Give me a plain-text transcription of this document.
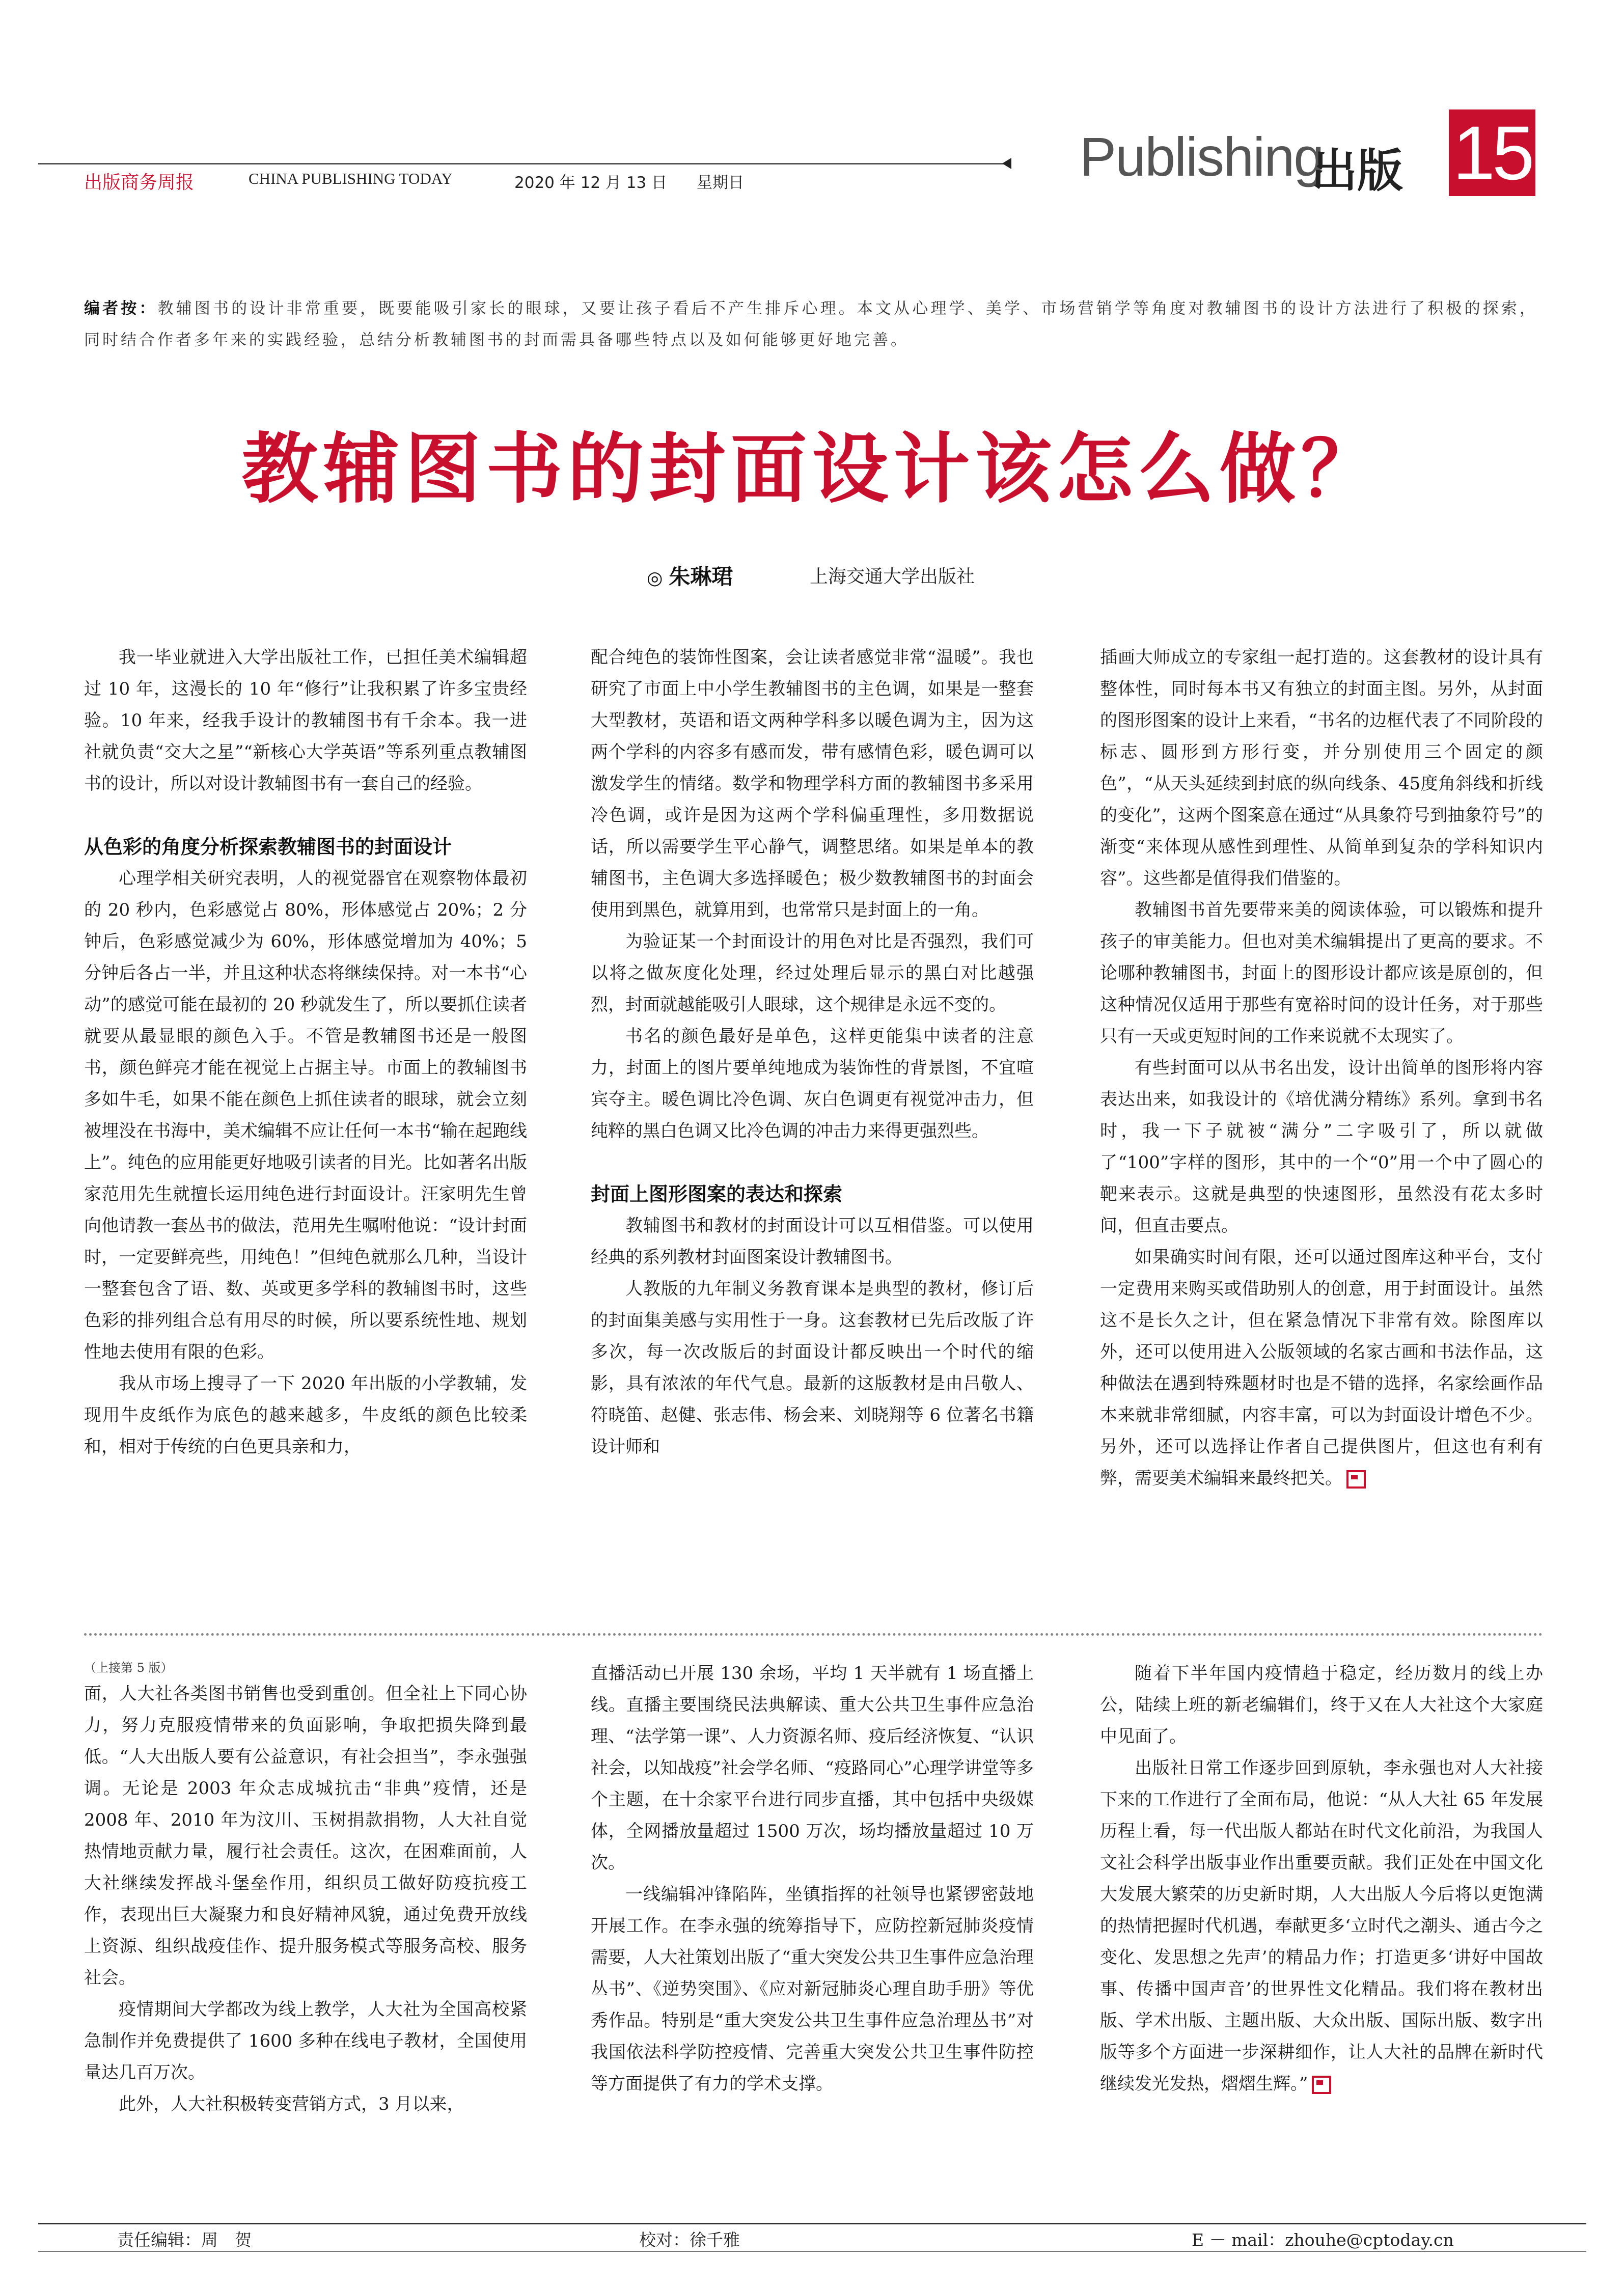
出版商务周报	CHINA PUBLISHING TODAY	2020 年 12 月 13 日 星期日	Publishing
出版 15
编者按：教辅图书的设计非常重要，既要能吸引家长的眼球，又要让孩子看后不产生排斥心理。本文从心理学、美学、市场营销学等角度对教辅图书的设计方法进行了积极的探索，同时结合作者多年来的实践经验，总结分析教辅图书的封面需具备哪些特点以及如何能够更好地完善。
教辅图书的封面设计该怎么做？
◎ 朱琳珺	上海交通大学出版社

我一毕业就进入大学出版社工作，已担任美术编辑超过 10 年，这漫长的 10 年“修行”让我积累了许多宝贵经验。10 年来，经我手设计的教辅图书有千余本。我一进社就负责“交大之星”“新核心大学英语”等系列重点教辅图书的设计，所以对设计教辅图书有一套自己的经验。

从色彩的角度分析探索教辅图书的封面设计

心理学相关研究表明，人的视觉器官在观察物体最初的 20 秒内，色彩感觉占 80%，形体感觉占 20%；2 分钟后，色彩感觉减少为 60%，形体感觉增加为 40%；5 分钟后各占一半，并且这种状态将继续保持。对一本书“心动”的感觉可能在最初的 20 秒就发生了，所以要抓住读者就要从最显眼的颜色入手。不管是教辅图书还是一般图书，颜色鲜亮才能在视觉上占据主导。市面上的教辅图书多如牛毛，如果不能在颜色上抓住读者的眼球，就会立刻被埋没在书海中，美术编辑不应让任何一本书“输在起跑线上”。纯色的应用能更好地吸引读者的目光。比如著名出版家范用先生就擅长运用纯色进行封面设计。汪家明先生曾向他请教一套丛书的做法，范用先生嘱咐他说：“设计封面时，一定要鲜亮些，用纯色！”但纯色就那么几种，当设计一整套包含了语、数、英或更多学科的教辅图书时，这些色彩的排列组合总有用尽的时候，所以要系统性地、规划性地去使用有限的色彩。

我从市场上搜寻了一下 2020 年出版的小学教辅，发现用牛皮纸作为底色的越来越多，牛皮纸的颜色比较柔和，相对于传统的白色更具亲和力，

配合纯色的装饰性图案，会让读者感觉非常“温暖”。我也研究了市面上中小学生教辅图书的主色调，如果是一整套大型教材，英语和语文两种学科多以暖色调为主，因为这两个学科的内容多有感而发，带有感情色彩，暖色调可以激发学生的情绪。数学和物理学科方面的教辅图书多采用冷色调，或许是因为这两个学科偏重理性，多用数据说话，所以需要学生平心静气，调整思绪。如果是单本的教辅图书，主色调大多选择暖色；极少数教辅图书的封面会使用到黑色，就算用到，也常常只是封面上的一角。

为验证某一个封面设计的用色对比是否强烈，我们可以将之做灰度化处理，经过处理后显示的黑白对比越强烈，封面就越能吸引人眼球，这个规律是永远不变的。

书名的颜色最好是单色，这样更能集中读者的注意力，封面上的图片要单纯地成为装饰性的背景图，不宜喧宾夺主。暖色调比冷色调、灰白色调更有视觉冲击力，但纯粹的黑白色调又比冷色调的冲击力来得更强烈些。

封面上图形图案的表达和探索

教辅图书和教材的封面设计可以互相借鉴。可以使用经典的系列教材封面图案设计教辅图书。

人教版的九年制义务教育课本是典型的教材，修订后的封面集美感与实用性于一身。这套教材已先后改版了许多次，每一次改版后的封面设计都反映出一个时代的缩影，具有浓浓的年代气息。最新的这版教材是由吕敬人、符晓笛、赵健、张志伟、杨会来、刘晓翔等 6 位著名书籍设计师和

插画大师成立的专家组一起打造的。这套教材的设计具有整体性，同时每本书又有独立的封面主图。另外，从封面的图形图案的设计上来看，“书名的边框代表了不同阶段的标志、圆形到方形行变，并分别使用三个固定的颜色”，“从天头延续到封底的纵向线条、45度角斜线和折线的变化”，这两个图案意在通过“从具象符号到抽象符号”的渐变“来体现从感性到理性、从简单到复杂的学科知识内容”。这些都是值得我们借鉴的。

教辅图书首先要带来美的阅读体验，可以锻炼和提升孩子的审美能力。但也对美术编辑提出了更高的要求。不论哪种教辅图书，封面上的图形设计都应该是原创的，但这种情况仅适用于那些有宽裕时间的设计任务，对于那些只有一天或更短时间的工作来说就不太现实了。

有些封面可以从书名出发，设计出简单的图形将内容表达出来，如我设计的《培优满分精练》系列。拿到书名时，我一下子就被“满分”二字吸引了，所以就做了“100”字样的图形，其中的一个“0”用一个中了圆心的靶来表示。这就是典型的快速图形，虽然没有花太多时间，但直击要点。

如果确实时间有限，还可以通过图库这种平台，支付一定费用来购买或借助别人的创意，用于封面设计。虽然这不是长久之计，但在紧急情况下非常有效。除图库以外，还可以使用进入公版领域的名家古画和书法作品，这种做法在遇到特殊题材时也是不错的选择，名家绘画作品本来就非常细腻，内容丰富，可以为封面设计增色不少。另外，还可以选择让作者自己提供图片，但这也有利有弊，需要美术编辑来最终把关。

（上接第 5 版）

面，人大社各类图书销售也受到重创。但全社上下同心协力，努力克服疫情带来的负面影响，争取把损失降到最低。“人大出版人要有公益意识，有社会担当”，李永强强调。无论是 2003 年众志成城抗击“非典”疫情，还是 2008 年、2010 年为汶川、玉树捐款捐物，人大社自觉热情地贡献力量，履行社会责任。这次，在困难面前，人大社继续发挥战斗堡垒作用，组织员工做好防疫抗疫工作，表现出巨大凝聚力和良好精神风貌，通过免费开放线上资源、组织战疫佳作、提升服务模式等服务高校、服务社会。

疫情期间大学都改为线上教学，人大社为全国高校紧急制作并免费提供了 1600 多种在线电子教材，全国使用量达几百万次。

此外，人大社积极转变营销方式，3 月以来，

直播活动已开展 130 余场，平均 1 天半就有 1 场直播上线。直播主要围绕民法典解读、重大公共卫生事件应急治理、“法学第一课”、人力资源名师、疫后经济恢复、“认识社会，以知战疫”社会学名师、“疫路同心”心理学讲堂等多个主题，在十余家平台进行同步直播，其中包括中央级媒体，全网播放量超过 1500 万次，场均播放量超过 10 万次。

一线编辑冲锋陷阵，坐镇指挥的社领导也紧锣密鼓地开展工作。在李永强的统筹指导下，应防控新冠肺炎疫情需要，人大社策划出版了“重大突发公共卫生事件应急治理丛书”、《逆势突围》、《应对新冠肺炎心理自助手册》等优秀作品。特别是“重大突发公共卫生事件应急治理丛书”对我国依法科学防控疫情、完善重大突发公共卫生事件防控等方面提供了有力的学术支撑。

随着下半年国内疫情趋于稳定，经历数月的线上办公，陆续上班的新老编辑们，终于又在人大社这个大家庭中见面了。

出版社日常工作逐步回到原轨，李永强也对人大社接下来的工作进行了全面布局，他说：“从人大社 65 年发展历程上看，每一代出版人都站在时代文化前沿，为我国人文社会科学出版事业作出重要贡献。我们正处在中国文化大发展大繁荣的历史新时期，人大出版人今后将以更饱满的热情把握时代机遇，奉献更多‘立时代之潮头、通古今之变化、发思想之先声’的精品力作；打造更多‘讲好中国故事、传播中国声音’的世界性文化精品。我们将在教材出版、学术出版、主题出版、大众出版、国际出版、数字出版等多个方面进一步深耕细作，让人大社的品牌在新时代继续发光发热，熠熠生辉。”

责任编辑：周　贺	校对：徐千雅	E － mail：zhouhe@cptoday.cn
